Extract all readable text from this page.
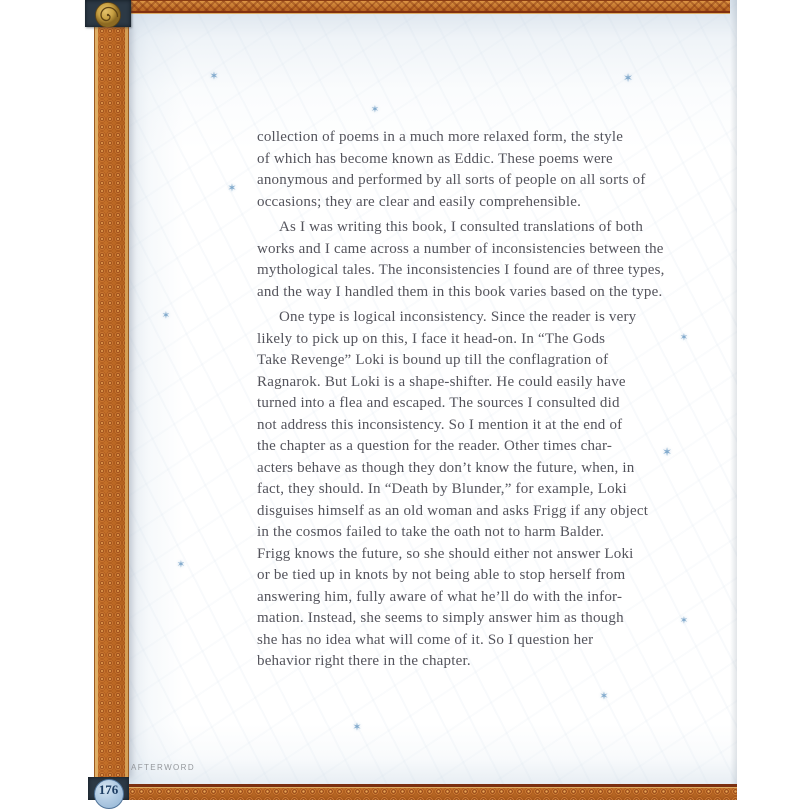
176
AFTERWORD
collection of poems in a much more relaxed form, the style
of which has become known as Eddic. These poems were
anonymous and performed by all sorts of people on all sorts of
occasions; they are clear and easily comprehensible.
As I was writing this book, I consulted translations of both
works and I came across a number of inconsistencies between the
mythological tales. The inconsistencies I found are of three types,
and the way I handled them in this book varies based on the type.
One type is logical inconsistency. Since the reader is very
likely to pick up on this, I face it head-on. In “The Gods
Take Revenge” Loki is bound up till the conflagration of
Ragnarok. But Loki is a shape-shifter. He could easily have
turned into a flea and escaped. The sources I consulted did
not address this inconsistency. So I mention it at the end of
the chapter as a question for the reader. Other times char-
acters behave as though they don’t know the future, when, in
fact, they should. In “Death by Blunder,” for example, Loki
disguises himself as an old woman and asks Frigg if any object
in the cosmos failed to take the oath not to harm Balder.
Frigg knows the future, so she should either not answer Loki
or be tied up in knots by not being able to stop herself from
answering him, fully aware of what he’ll do with the infor-
mation. Instead, she seems to simply answer him as though
she has no idea what will come of it. So I question her
behavior right there in the chapter.
✶	✶
✶
✶
✶
✶
✶
✶
✶
✶
✶
